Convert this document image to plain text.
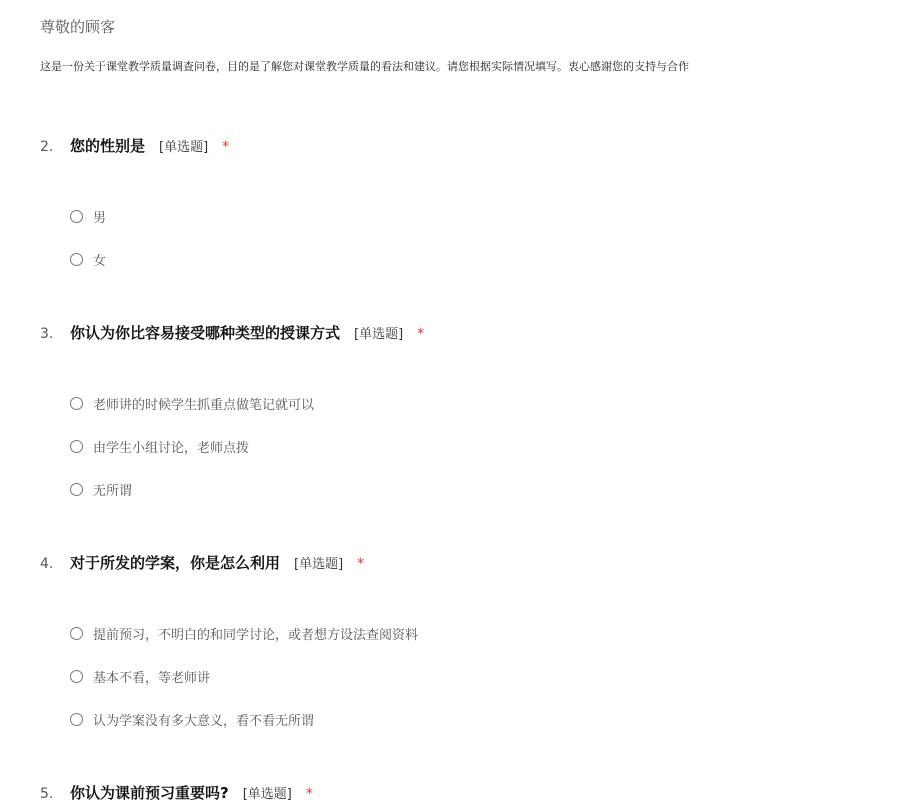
尊敬的顾客
这是一份关于课堂教学质量调查问卷，目的是了解您对课堂教学质量的看法和建议。请您根据实际情况填写。衷心感谢您的支持与合作
2.	您的性别是 [单选题] *
男
女
3.	你认为你比容易接受哪种类型的授课方式 [单选题] *
老师讲的时候学生抓重点做笔记就可以
由学生小组讨论，老师点拨
无所谓
4.	对于所发的学案，你是怎么利用 [单选题] *
提前预习，不明白的和同学讨论，或者想方设法查阅资料
基本不看，等老师讲
认为学案没有多大意义，看不看无所谓
5.	你认为课前预习重要吗? [单选题] *
